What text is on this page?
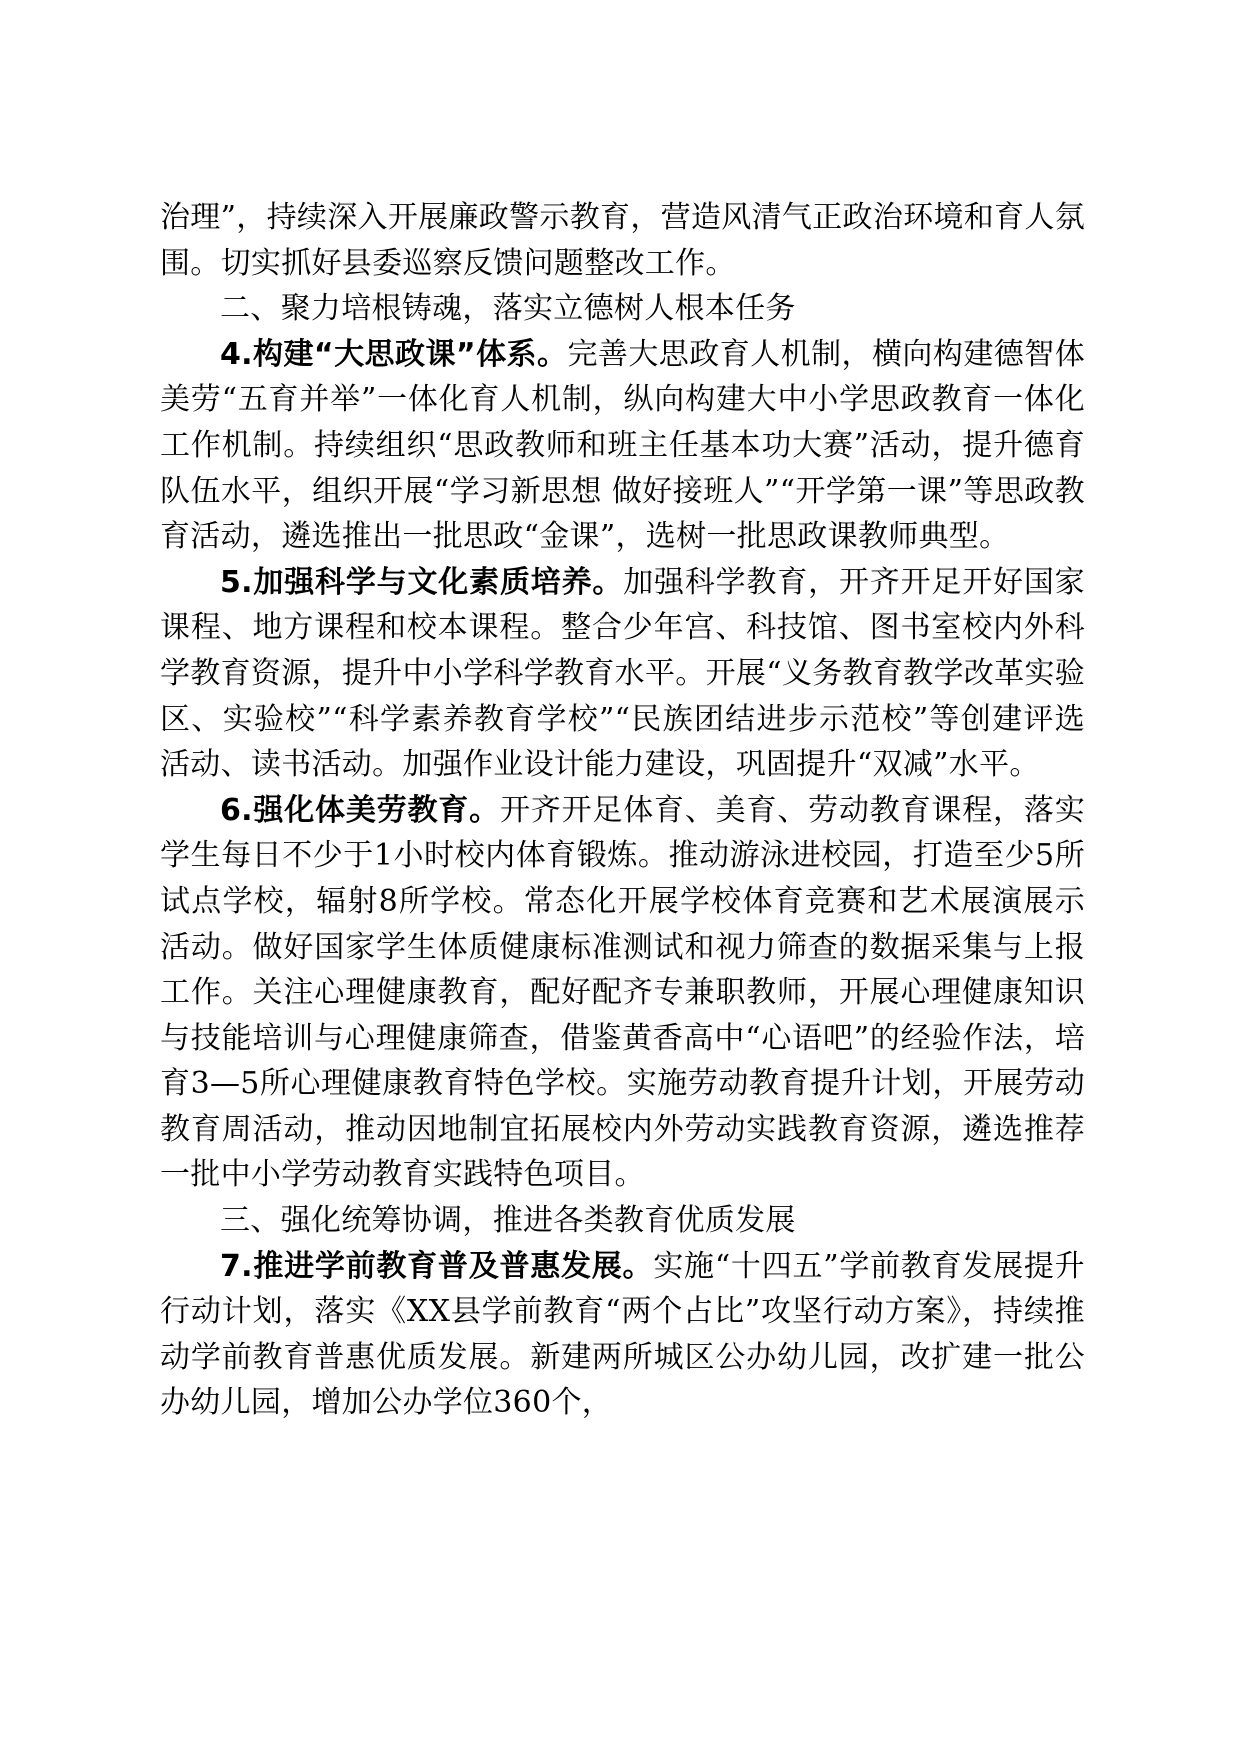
治理”，持续深入开展廉政警示教育，营造风清气正政治环境和育人氛围。切实抓好县委巡察反馈问题整改工作。

二、聚力培根铸魂，落实立德树人根本任务

4.构建“大思政课”体系。完善大思政育人机制，横向构建德智体美劳“五育并举”一体化育人机制，纵向构建大中小学思政教育一体化工作机制。持续组织“思政教师和班主任基本功大赛”活动，提升德育队伍水平，组织开展“学习新思想 做好接班人”“开学第一课”等思政教育活动，遴选推出一批思政“金课”，选树一批思政课教师典型。

5.加强科学与文化素质培养。加强科学教育，开齐开足开好国家课程、地方课程和校本课程。整合少年宫、科技馆、图书室校内外科学教育资源，提升中小学科学教育水平。开展“义务教育教学改革实验区、实验校”“科学素养教育学校”“民族团结进步示范校”等创建评选活动、读书活动。加强作业设计能力建设，巩固提升“双减”水平。

6.强化体美劳教育。开齐开足体育、美育、劳动教育课程，落实学生每日不少于1小时校内体育锻炼。推动游泳进校园，打造至少5所试点学校，辐射8所学校。常态化开展学校体育竞赛和艺术展演展示活动。做好国家学生体质健康标准测试和视力筛查的数据采集与上报工作。关注心理健康教育，配好配齐专兼职教师，开展心理健康知识与技能培训与心理健康筛查，借鉴黄香高中“心语吧”的经验作法，培育3—5所心理健康教育特色学校。实施劳动教育提升计划，开展劳动教育周活动，推动因地制宜拓展校内外劳动实践教育资源，遴选推荐一批中小学劳动教育实践特色项目。

三、强化统筹协调，推进各类教育优质发展

7.推进学前教育普及普惠发展。实施“十四五”学前教育发展提升行动计划，落实《XX县学前教育“两个占比”攻坚行动方案》，持续推动学前教育普惠优质发展。新建两所城区公办幼儿园，改扩建一批公办幼儿园，增加公办学位360个，
